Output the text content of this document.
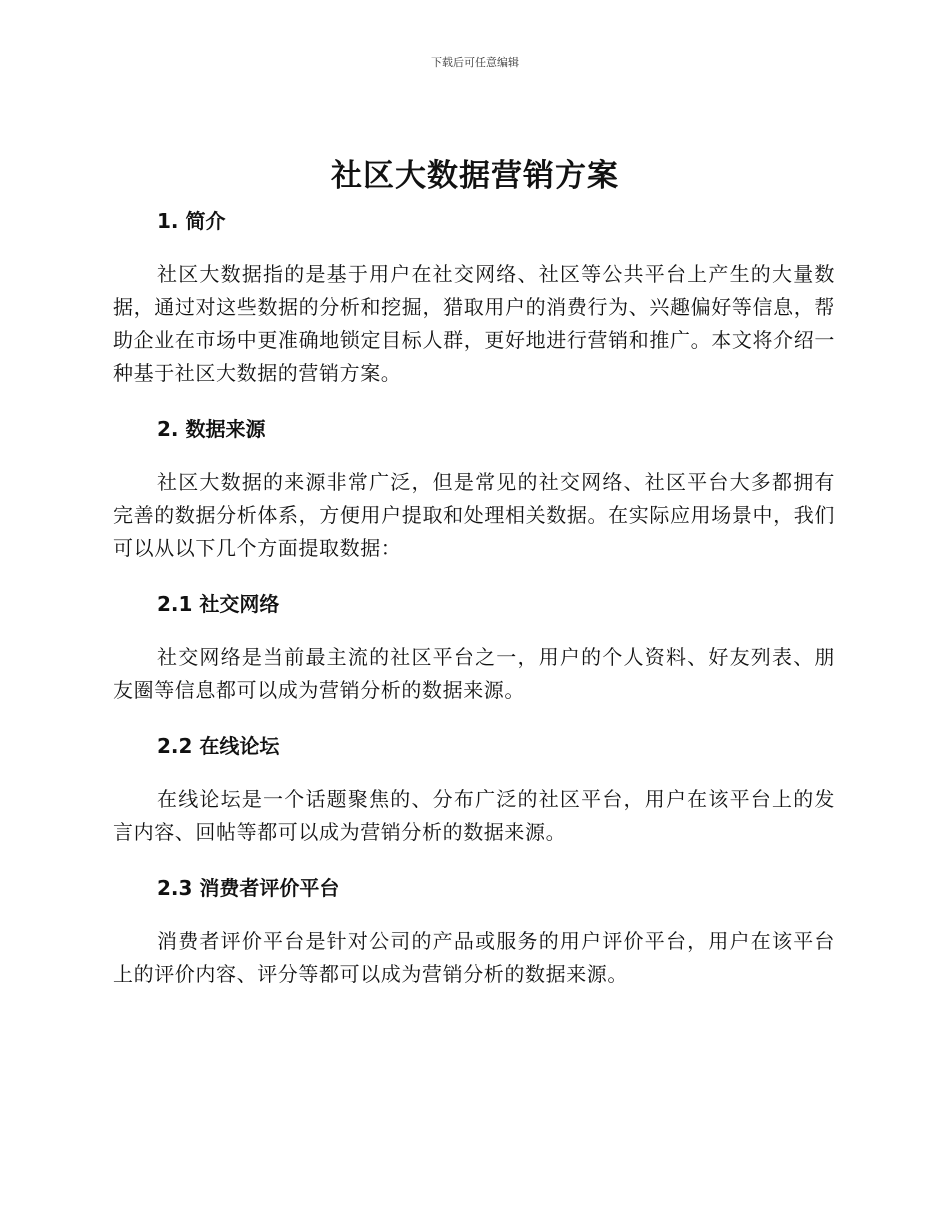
下载后可任意编辑
社区大数据营销方案
1. 简介

社区大数据指的是基于用户在社交网络、社区等公共平台上产生的大量数据，通过对这些数据的分析和挖掘，猎取用户的消费行为、兴趣偏好等信息，帮助企业在市场中更准确地锁定目标人群，更好地进行营销和推广。本文将介绍一种基于社区大数据的营销方案。

2. 数据来源

社区大数据的来源非常广泛，但是常见的社交网络、社区平台大多都拥有完善的数据分析体系，方便用户提取和处理相关数据。在实际应用场景中，我们可以从以下几个方面提取数据：

2.1 社交网络

社交网络是当前最主流的社区平台之一，用户的个人资料、好友列表、朋友圈等信息都可以成为营销分析的数据来源。

2.2 在线论坛

在线论坛是一个话题聚焦的、分布广泛的社区平台，用户在该平台上的发言内容、回帖等都可以成为营销分析的数据来源。

2.3 消费者评价平台

消费者评价平台是针对公司的产品或服务的用户评价平台，用户在该平台上的评价内容、评分等都可以成为营销分析的数据来源。
